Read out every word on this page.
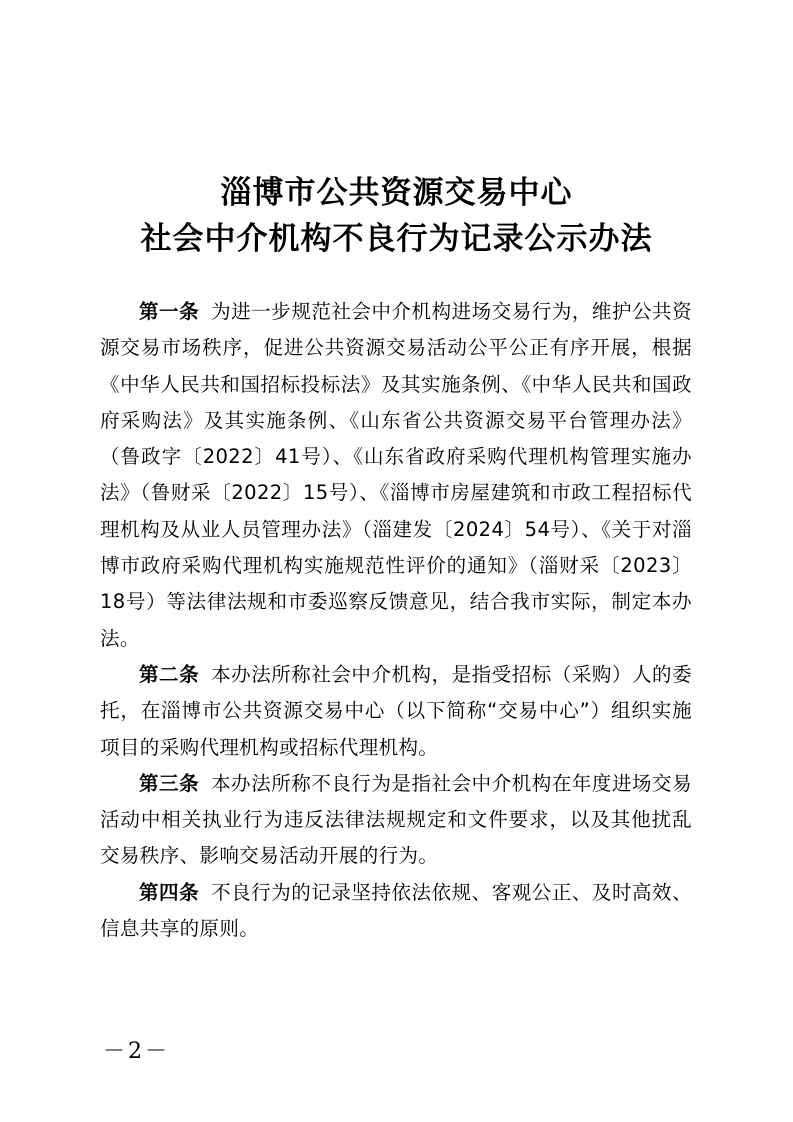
淄博市公共资源交易中心
社会中介机构不良行为记录公示办法

第一条 为进一步规范社会中介机构进场交易行为，维护公共资源交易市场秩序，促进公共资源交易活动公平公正有序开展，根据《中华人民共和国招标投标法》及其实施条例、《中华人民共和国政府采购法》及其实施条例、《山东省公共资源交易平台管理办法》（鲁政字〔2022〕41号）、《山东省政府采购代理机构管理实施办法》（鲁财采〔2022〕15号）、《淄博市房屋建筑和市政工程招标代理机构及从业人员管理办法》（淄建发〔2024〕54号）、《关于对淄博市政府采购代理机构实施规范性评价的通知》（淄财采〔2023〕18号）等法律法规和市委巡察反馈意见，结合我市实际，制定本办法。

第二条 本办法所称社会中介机构，是指受招标（采购）人的委托，在淄博市公共资源交易中心（以下简称“交易中心”）组织实施项目的采购代理机构或招标代理机构。

第三条 本办法所称不良行为是指社会中介机构在年度进场交易活动中相关执业行为违反法律法规规定和文件要求，以及其他扰乱交易秩序、影响交易活动开展的行为。

第四条 不良行为的记录坚持依法依规、客观公正、及时高效、信息共享的原则。

－2－
